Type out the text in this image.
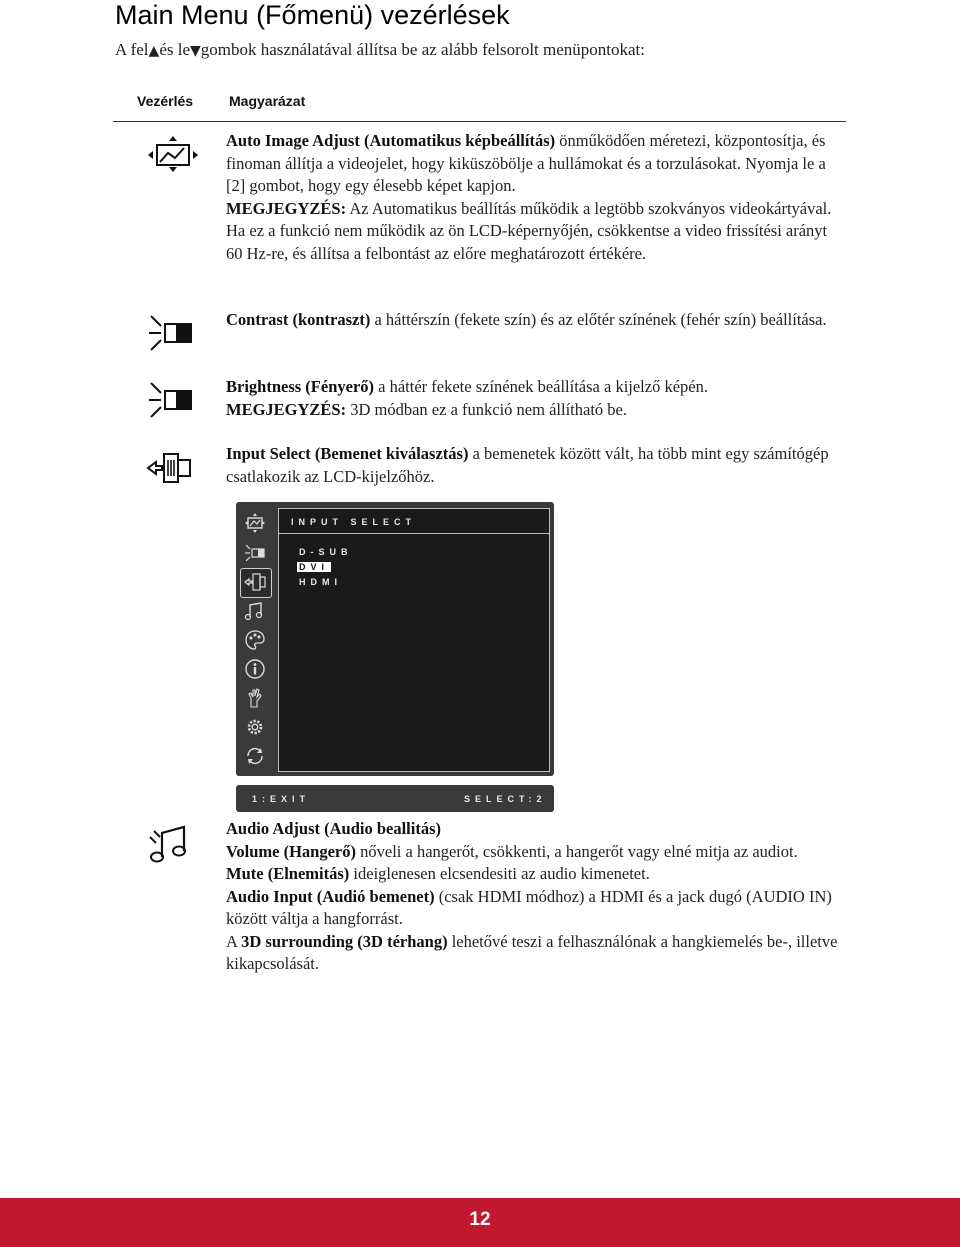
Main Menu (Főmenü) vezérlések
A fel▲és le▼gombok használatával állítsa be az alább felsorolt menüpontokat:
Vezérlés	Magyarázat
Auto Image Adjust (Automatikus képbeállítás) önműködően méretezi, központosítja, és finoman állítja a videojelet, hogy kiküszöbölje a hullámokat és a torzulásokat. Nyomja le a [2] gombot, hogy egy élesebb képet kapjon.
MEGJEGYZÉS: Az Automatikus beállítás működik a legtöbb szokványos videokártyával. Ha ez a funkció nem működik az ön LCD-képernyőjén, csökkentse a video frissítési arányt 60 Hz-re, és állítsa a felbontást az előre meghatározott értékére.
Contrast (kontraszt) a háttérszín (fekete szín) és az előtér színének (fehér szín) beállítása.
Brightness (Fényerő) a háttér fekete színének beállítása a kijelző képén.
MEGJEGYZÉS: 3D módban ez a funkció nem állítható be.
Input Select (Bemenet kiválasztás) a bemenetek között vált, ha több mint egy számítógép csatlakozik az LCD-kijelzőhöz.
INPUT SELECT
D-SUB
DVI
HDMI
1:EXIT	SELECT:2
Audio Adjust (Audio beallitás)
Volume (Hangerő) nőveli a hangerőt, csökkenti, a hangerőt vagy elné mitja az audiot.
Mute (Elnemitás) ideiglenesen elcsendesiti az audio kimenetet.
Audio Input (Audió bemenet) (csak HDMI módhoz) a HDMI és a jack dugó (AUDIO IN) között váltja a hangforrást.
A 3D surrounding (3D térhang) lehetővé teszi a felhasználónak a hangkiemelés be-, illetve kikapcsolását.
12
